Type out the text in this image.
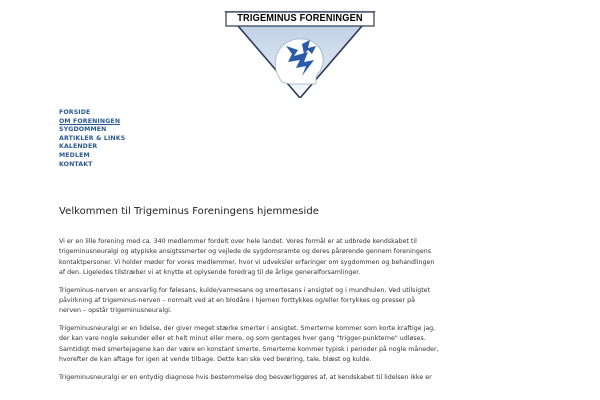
TRIGEMINUS FORENINGEN
FORSIDE
OM FORENINGEN
SYGDOMMEN
ARTIKLER & LINKS
KALENDER
MEDLEM
KONTAKT
Velkommen til Trigeminus Foreningens hjemmeside

Vi er en lille forening med ca. 340 medlemmer fordelt over hele landet. Vores formål er at udbrede kendskabet til trigeminusneuralgi og atypiske ansigtssmerter og vejlede de sygdomsramte og deres pårørende gennem foreningens kontaktpersoner. Vi holder møder for vores medlemmer, hvor vi udveksler erfaringer om sygdommen og behandlingen af den. Ligeledes tilstræber vi at knytte et oplysende foredrag til de årlige generalforsamlinger.

Trigeminus-nerven er ansvarlig for følesans, kulde/varmesans og smertesans i ansigtet og i mundhulen. Ved utilsigtet påvirkning af trigeminus-nerven – normalt ved at en blodåre i hjernen forttykkes og/eller forrykkes og presser på nerven – opstår trigeminusneuralgi.

Trigeminusneuralgi er en lidelse, der giver meget stærke smerter i ansigtet. Smerterne kommer som korte kraftige jag, der kan vare nogle sekunder eller et helt minut eller mere, og som gentages hver gang "trigger-punkterne" udløses. Samtidigt med smertejagene kan der være en konstant smerte. Smerterne kommer typisk i perioder på nogle måneder, hvorefter de kan aftage for igen at vende tilbage. Dette kan ske ved berøring, tale, blæst og kulde.

Trigeminusneuralgi er en entydig diagnose hvis bestemmelse dog besværliggøres af, at kendskabet til lidelsen ikke er
